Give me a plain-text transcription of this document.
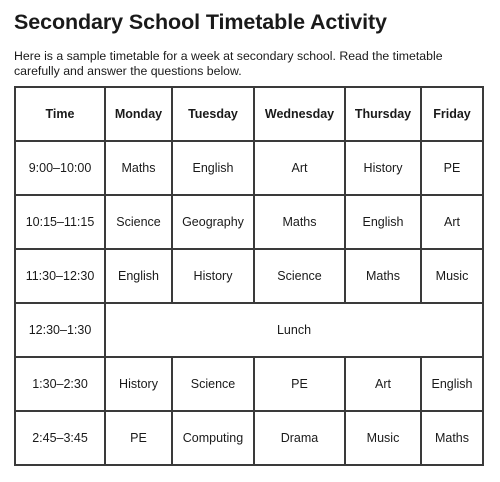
Secondary School Timetable Activity

Here is a sample timetable for a week at secondary school. Read the timetable carefully and answer the questions below.

Time	Monday	Tuesday	Wednesday	Thursday	Friday
9:00–10:00	Maths	English	Art	History	PE
10:15–11:15	Science	Geography	Maths	English	Art
11:30–12:30	English	History	Science	Maths	Music
12:30–1:30	Lunch				
1:30–2:30	History	Science	PE	Art	English
2:45–3:45	PE	Computing	Drama	Music	Maths
